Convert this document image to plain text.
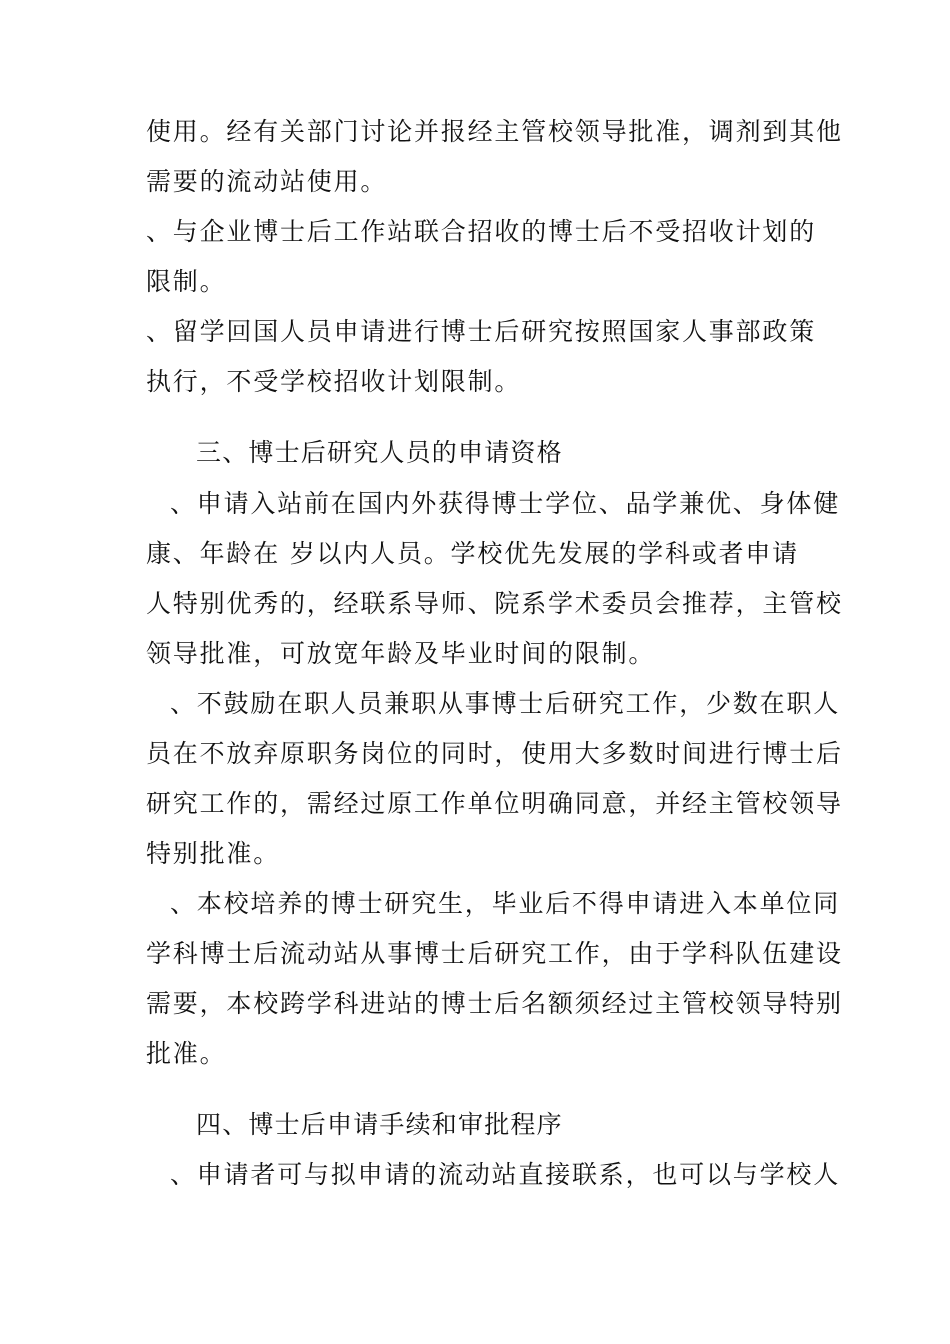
使用。经有关部门讨论并报经主管校领导批准，调剂到其他
需要的流动站使用。
、与企业博士后工作站联合招收的博士后不受招收计划的
限制。
、留学回国人员申请进行博士后研究按照国家人事部政策
执行，不受学校招收计划限制。
三、博士后研究人员的申请资格
、申请入站前在国内外获得博士学位、品学兼优、身体健
康、年龄在 岁以内人员。学校优先发展的学科或者申请
人特别优秀的，经联系导师、院系学术委员会推荐，主管校
领导批准，可放宽年龄及毕业时间的限制。
、不鼓励在职人员兼职从事博士后研究工作，少数在职人
员在不放弃原职务岗位的同时，使用大多数时间进行博士后
研究工作的，需经过原工作单位明确同意，并经主管校领导
特别批准。
、本校培养的博士研究生，毕业后不得申请进入本单位同
学科博士后流动站从事博士后研究工作，由于学科队伍建设
需要，本校跨学科进站的博士后名额须经过主管校领导特别
批准。
四、博士后申请手续和审批程序
、申请者可与拟申请的流动站直接联系，也可以与学校人
